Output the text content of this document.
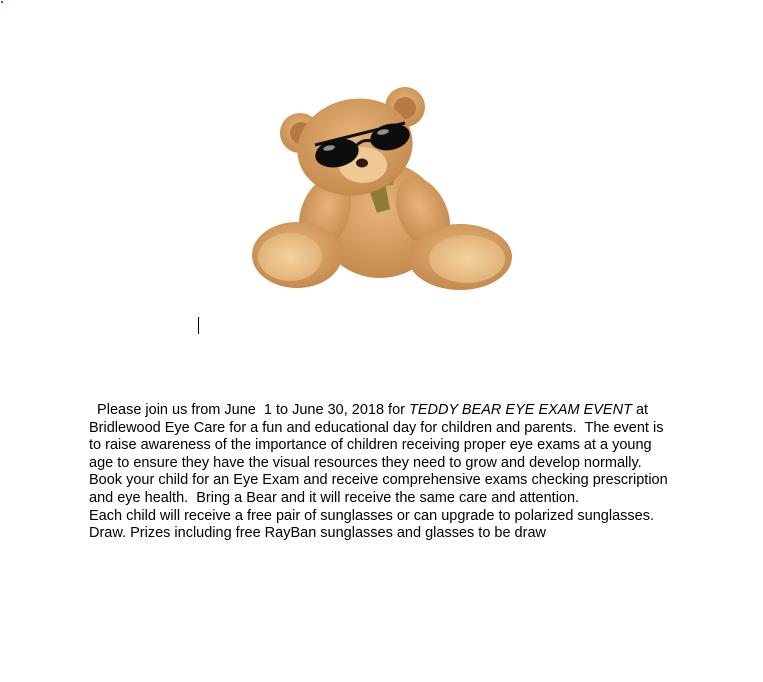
Please join us from June  1 to June 30, 2018 for TEDDY BEAR EYE EXAM EVENT at Bridlewood Eye Care for a fun and educational day for children and parents.  The event is to raise awareness of the importance of children receiving proper eye exams at a young age to ensure they have the visual resources they need to grow and develop normally.

Book your child for an Eye Exam and receive comprehensive exams checking prescription and eye health.  Bring a Bear and it will receive the same care and attention.

Each child will receive a free pair of sunglasses or can upgrade to polarized sunglasses.  Draw. Prizes including free RayBan sunglasses and glasses to be draw
